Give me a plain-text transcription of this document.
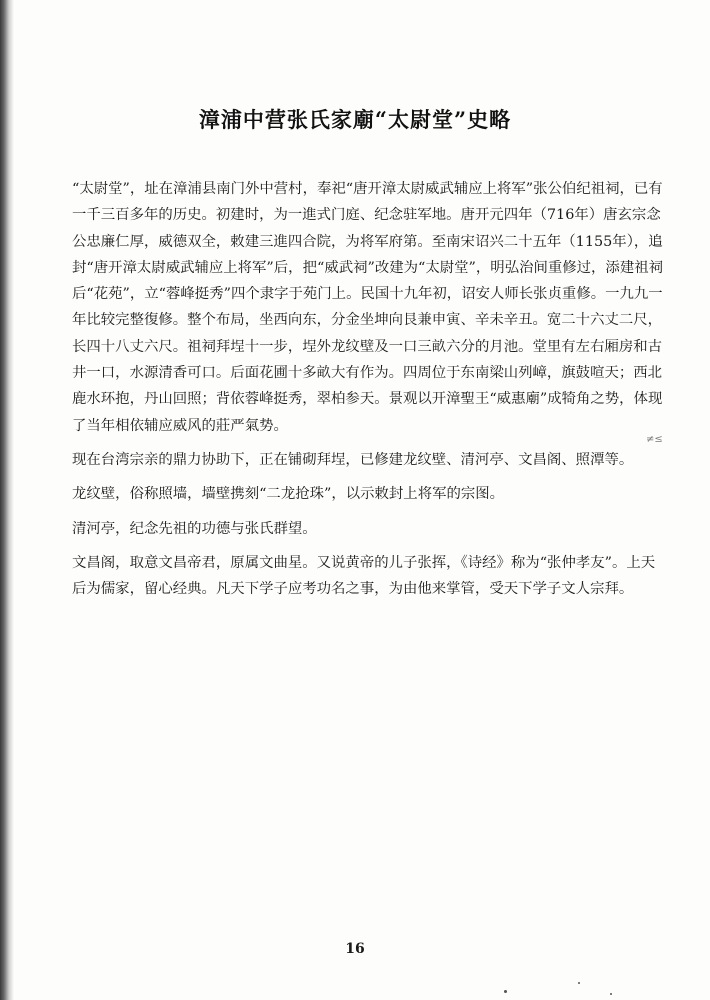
漳浦中营张氏家廟“太尉堂”史略

“太尉堂”，址在漳浦县南门外中营村，奉祀“唐开漳太尉威武辅应上将军”张公伯纪祖祠，已有一千三百多年的历史。初建时，为一進式门庭、纪念驻军地。唐开元四年（716年）唐玄宗念公忠廉仁厚，威德双全，敕建三進四合院，为将军府第。至南宋诏兴二十五年（1155年），追封“唐开漳太尉威武辅应上将军”后，把“威武祠”改建为“太尉堂”，明弘治间重修过，添建祖祠后“花苑”，立“蓉峰挺秀”四个隶字于苑门上。民国十九年初，诏安人师长张贞重修。一九九一年比较完整復修。整个布局，坐西向东，分金坐坤向艮兼申寅、辛未辛丑。宽二十六丈二尺，长四十八丈六尺。祖祠拜埕十一步，埕外龙纹壁及一口三畝六分的月池。堂里有左右厢房和古井一口，水源清香可口。后面花圃十多畝大有作为。四周位于东南梁山列嶂，旗鼓喧天；西北鹿水环抱，丹山回照；背依蓉峰挺秀，翠柏参天。景观以开漳聖王“威惠廟”成犄角之势，体现了当年相依辅应威风的莊严氣势。

现在台湾宗亲的鼎力协助下，正在铺砌拜埕，已修建龙纹壁、清河亭、文昌阁、照潭等。

龙纹壁，俗称照墙，墙壁携刻“二龙抢珠”，以示敕封上将军的宗图。

清河亭，纪念先祖的功德与张氏群望。

文昌阁，取意文昌帝君，原属文曲星。又说黄帝的儿子张挥，《诗经》称为“张仲孝友”。上天后为儒家，留心经典。凡天下学子应考功名之事，为由他来掌管，受天下学子文人宗拜。

≠≤
16
